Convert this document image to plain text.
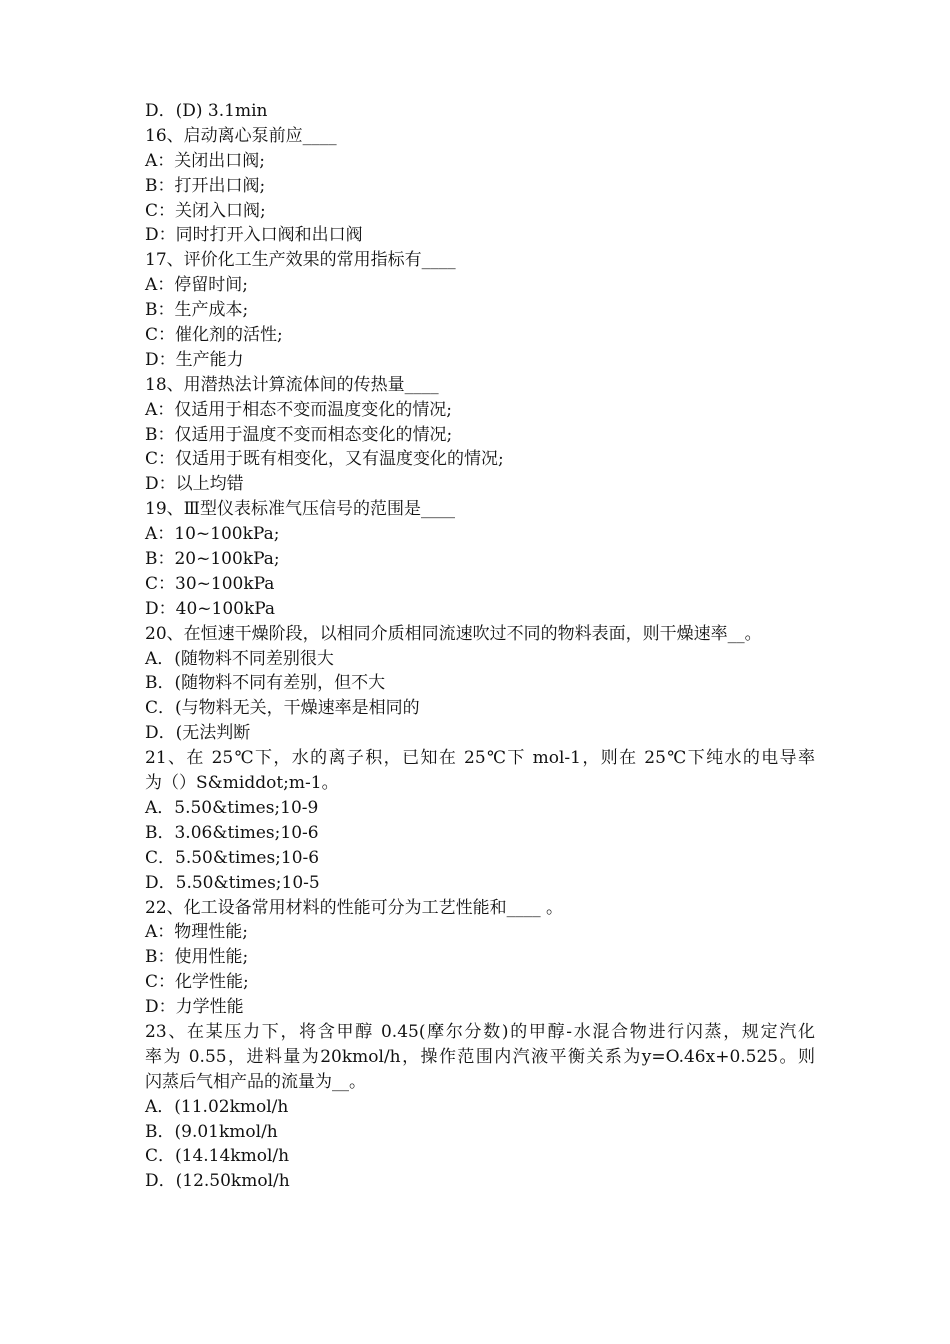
D．(D) 3.1min
16、启动离心泵前应____
A：关闭出口阀;
B：打开出口阀;
C：关闭入口阀;
D：同时打开入口阀和出口阀
17、评价化工生产效果的常用指标有____
A：停留时间;
B：生产成本;
C：催化剂的活性;
D：生产能力
18、用潜热法计算流体间的传热量____
A：仅适用于相态不变而温度变化的情况;
B：仅适用于温度不变而相态变化的情况;
C：仅适用于既有相变化，又有温度变化的情况;
D：以上均错
19、Ⅲ型仪表标准气压信号的范围是____
A：10~100kPa;
B：20~100kPa;
C：30~100kPa
D：40~100kPa
20、在恒速干燥阶段，以相同介质相同流速吹过不同的物料表面，则干燥速率__。
A．(随物料不同差别很大
B．(随物料不同有差别，但不大
C．(与物料无关，干燥速率是相同的
D．(无法判断
21、在 25℃下，水的离子积，已知在 25℃下 mol-1，则在 25℃下纯水的电导率
为（）S&middot;m-1。
A．5.50&times;10-9
B．3.06&times;10-6
C．5.50&times;10-6
D．5.50&times;10-5
22、化工设备常用材料的性能可分为工艺性能和____ 。
A：物理性能;
B：使用性能;
C：化学性能;
D：力学性能
23、在某压力下，将含甲醇 0.45(摩尔分数)的甲醇-水混合物进行闪蒸，规定汽化
率为 0.55，进料量为20kmol/h，操作范围内汽液平衡关系为y=O.46x+0.525。则
闪蒸后气相产品的流量为__。
A．(11.02kmol/h
B．(9.01kmol/h
C．(14.14kmol/h
D．(12.50kmol/h
